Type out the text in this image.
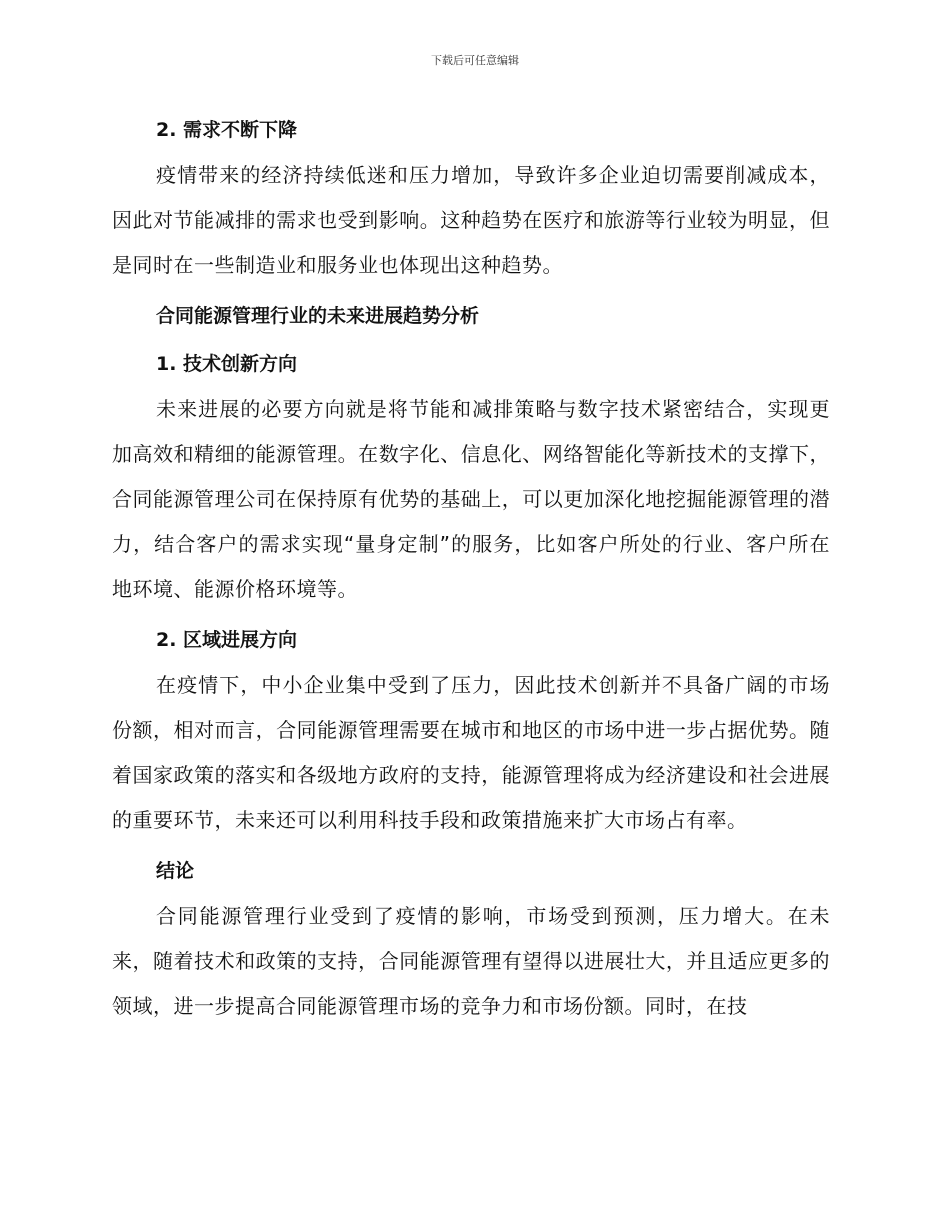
下载后可任意编辑
2. 需求不断下降

疫情带来的经济持续低迷和压力增加，导致许多企业迫切需要削减成本，因此对节能减排的需求也受到影响。这种趋势在医疗和旅游等行业较为明显，但是同时在一些制造业和服务业也体现出这种趋势。

合同能源管理行业的未来进展趋势分析
1. 技术创新方向

未来进展的必要方向就是将节能和减排策略与数字技术紧密结合，实现更加高效和精细的能源管理。在数字化、信息化、网络智能化等新技术的支撑下，合同能源管理公司在保持原有优势的基础上，可以更加深化地挖掘能源管理的潜力，结合客户的需求实现“量身定制”的服务，比如客户所处的行业、客户所在地环境、能源价格环境等。

2. 区域进展方向

在疫情下，中小企业集中受到了压力，因此技术创新并不具备广阔的市场份额，相对而言，合同能源管理需要在城市和地区的市场中进一步占据优势。随着国家政策的落实和各级地方政府的支持，能源管理将成为经济建设和社会进展的重要环节，未来还可以利用科技手段和政策措施来扩大市场占有率。

结论

合同能源管理行业受到了疫情的影响，市场受到预测，压力增大。在未来，随着技术和政策的支持，合同能源管理有望得以进展壮大，并且适应更多的领域，进一步提高合同能源管理市场的竞争力和市场份额。同时，在技
